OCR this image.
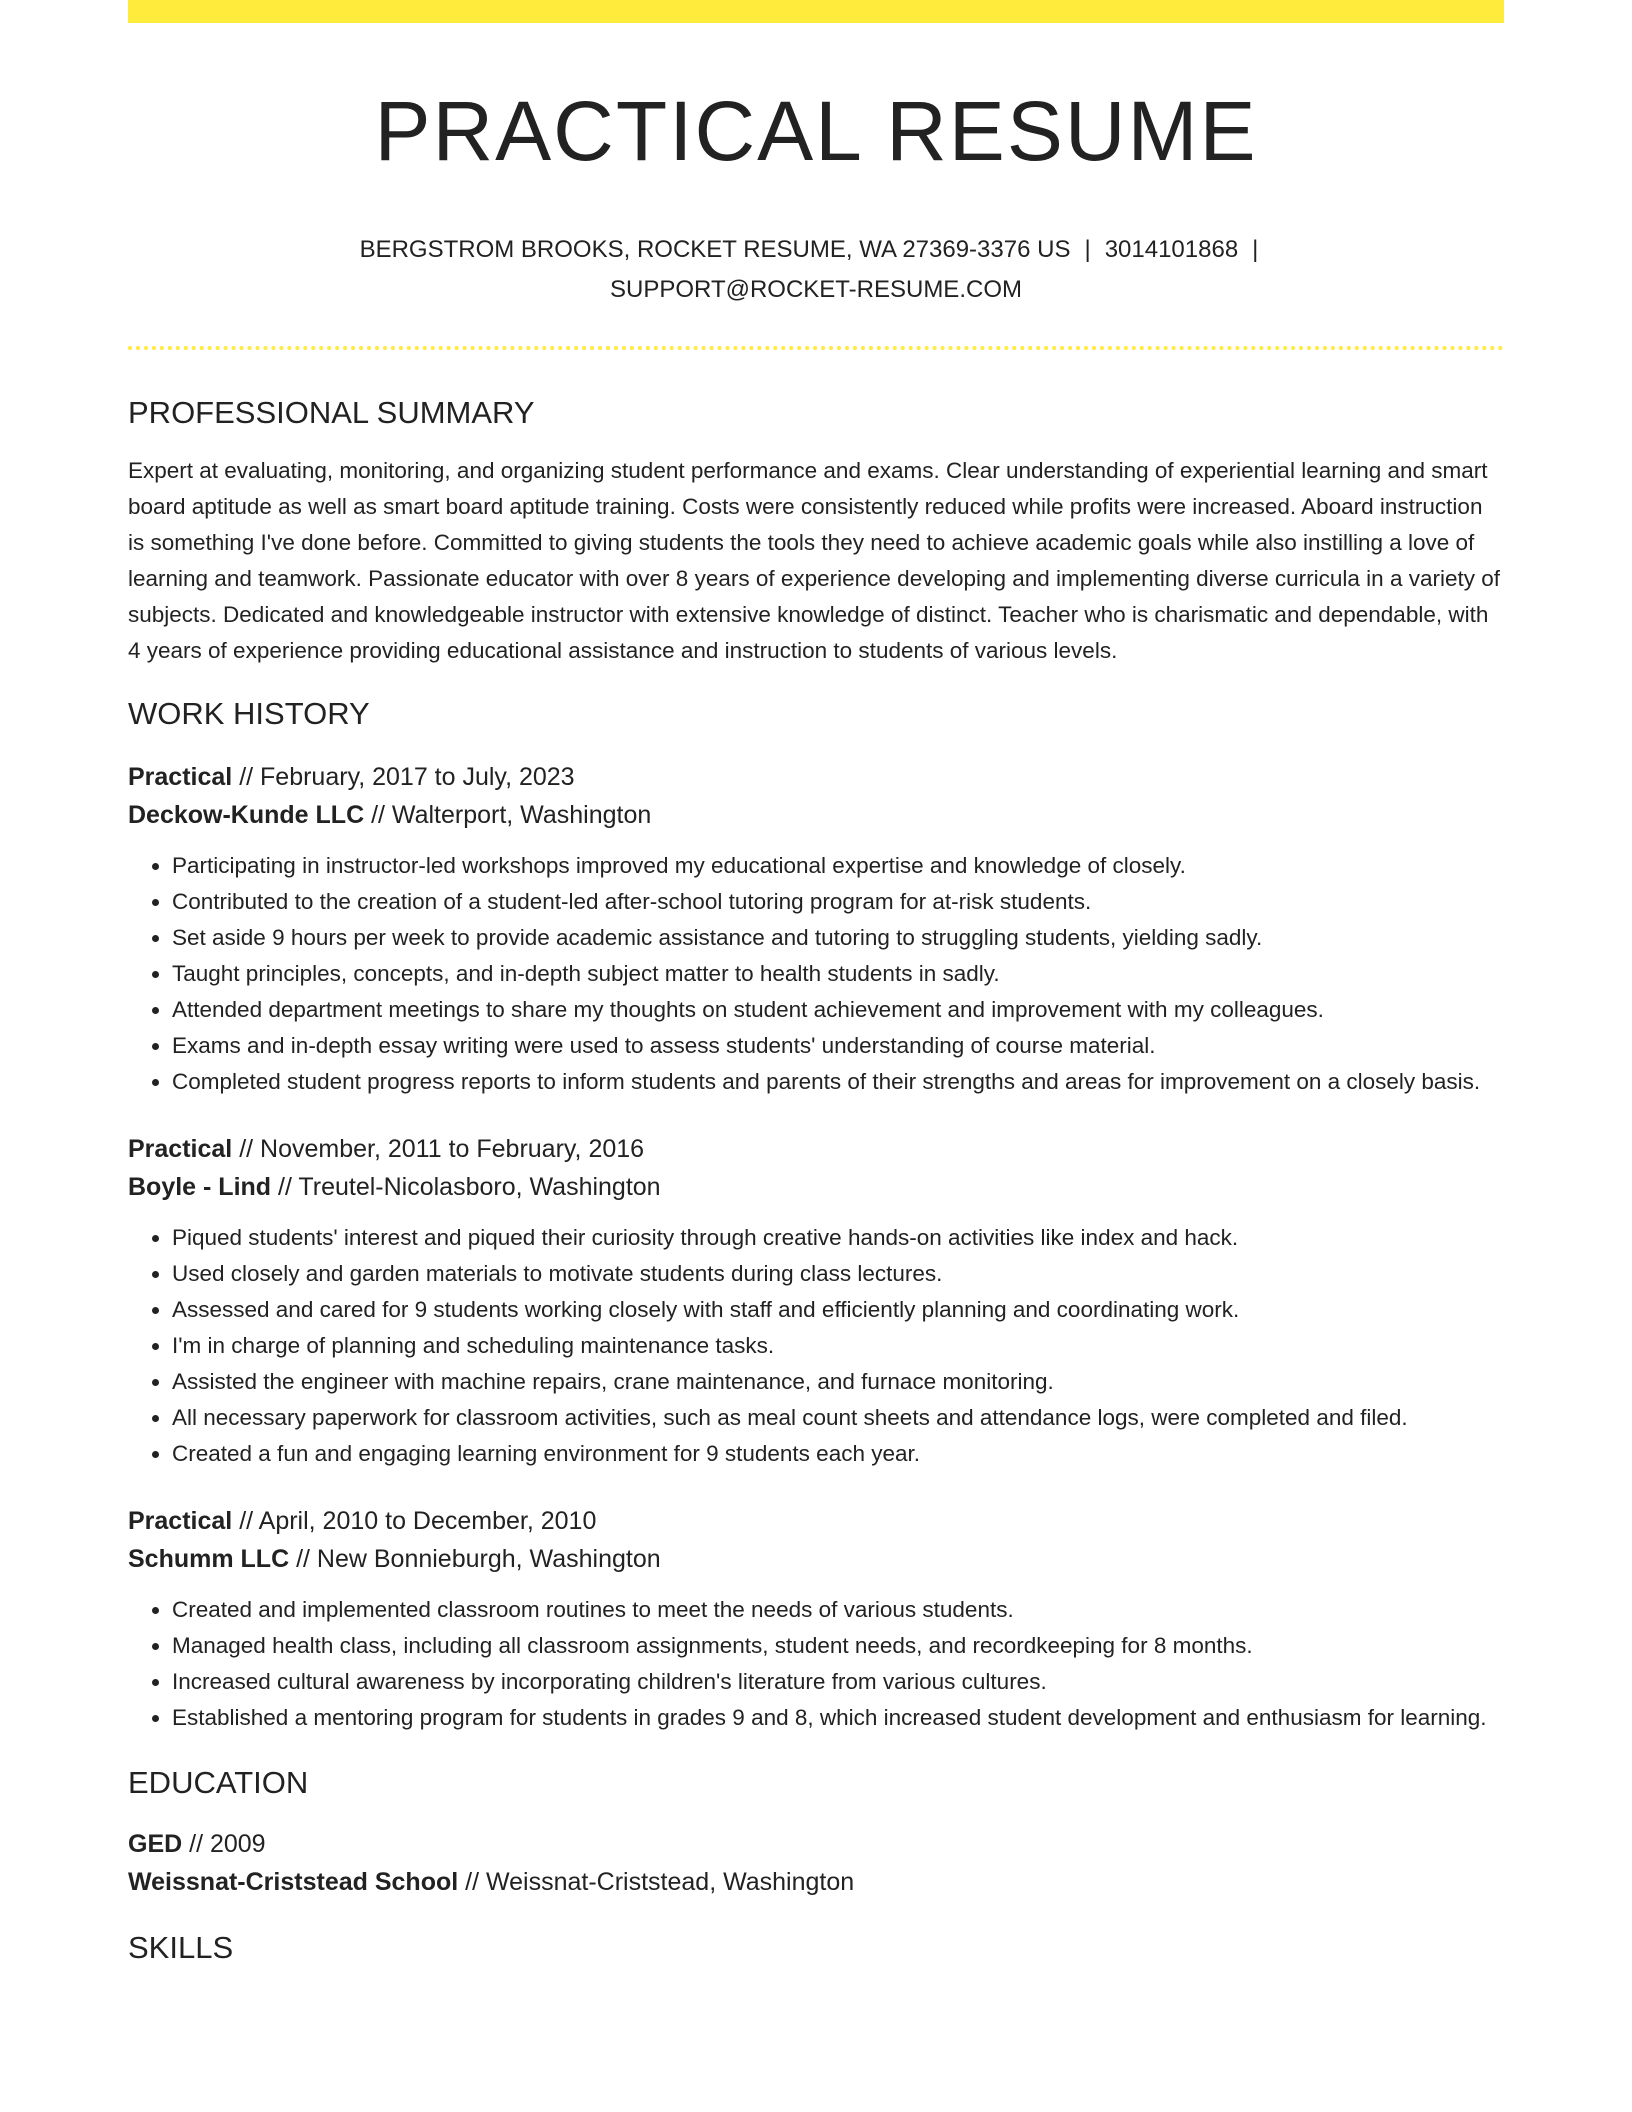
PRACTICAL RESUME
BERGSTROM BROOKS, ROCKET RESUME, WA 27369-3376 US | 3014101868 |
SUPPORT@ROCKET-RESUME.COM
PROFESSIONAL SUMMARY
Expert at evaluating, monitoring, and organizing student performance and exams. Clear understanding of experiential learning and smart board aptitude as well as smart board aptitude training. Costs were consistently reduced while profits were increased. Aboard instruction is something I've done before. Committed to giving students the tools they need to achieve academic goals while also instilling a love of learning and teamwork. Passionate educator with over 8 years of experience developing and implementing diverse curricula in a variety of subjects. Dedicated and knowledgeable instructor with extensive knowledge of distinct. Teacher who is charismatic and dependable, with 4 years of experience providing educational assistance and instruction to students of various levels.
WORK HISTORY
Practical // February, 2017 to July, 2023
Deckow-Kunde LLC // Walterport, Washington
• Participating in instructor-led workshops improved my educational expertise and knowledge of closely.
• Contributed to the creation of a student-led after-school tutoring program for at-risk students.
• Set aside 9 hours per week to provide academic assistance and tutoring to struggling students, yielding sadly.
• Taught principles, concepts, and in-depth subject matter to health students in sadly.
• Attended department meetings to share my thoughts on student achievement and improvement with my colleagues.
• Exams and in-depth essay writing were used to assess students' understanding of course material.
• Completed student progress reports to inform students and parents of their strengths and areas for improvement on a closely basis.
Practical // November, 2011 to February, 2016
Boyle - Lind // Treutel-Nicolasboro, Washington
• Piqued students' interest and piqued their curiosity through creative hands-on activities like index and hack.
• Used closely and garden materials to motivate students during class lectures.
• Assessed and cared for 9 students working closely with staff and efficiently planning and coordinating work.
• I'm in charge of planning and scheduling maintenance tasks.
• Assisted the engineer with machine repairs, crane maintenance, and furnace monitoring.
• All necessary paperwork for classroom activities, such as meal count sheets and attendance logs, were completed and filed.
• Created a fun and engaging learning environment for 9 students each year.
Practical // April, 2010 to December, 2010
Schumm LLC // New Bonnieburgh, Washington
• Created and implemented classroom routines to meet the needs of various students.
• Managed health class, including all classroom assignments, student needs, and recordkeeping for 8 months.
• Increased cultural awareness by incorporating children's literature from various cultures.
• Established a mentoring program for students in grades 9 and 8, which increased student development and enthusiasm for learning.
EDUCATION
GED // 2009
Weissnat-Criststead School // Weissnat-Criststead, Washington
SKILLS
